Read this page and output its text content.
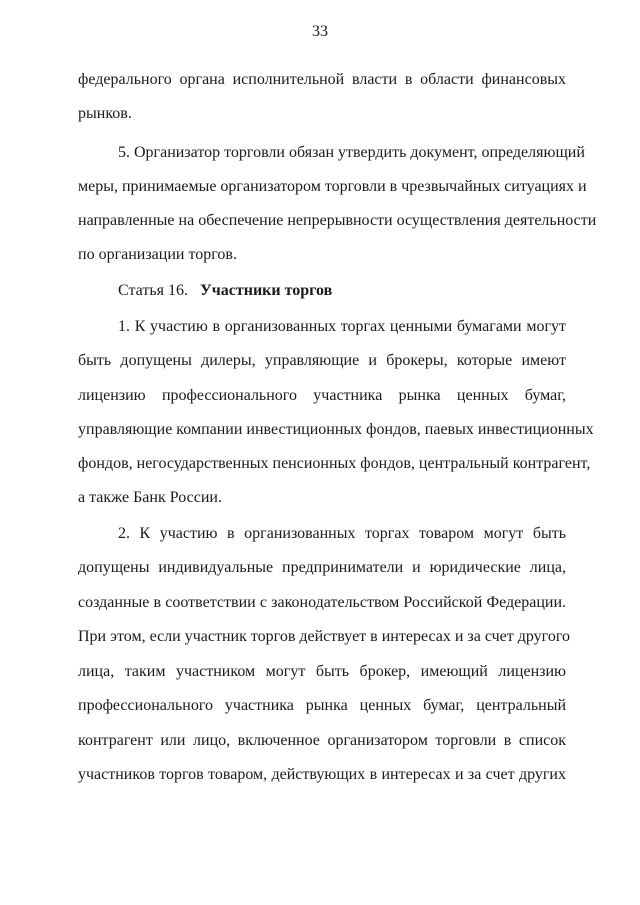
33
федерального органа исполнительной власти в области финансовых
рынков.
5. Организатор торговли обязан утвердить документ, определяющий
меры, принимаемые организатором торговли в чрезвычайных ситуациях и
направленные на обеспечение непрерывности осуществления деятельности
по организации торгов.
Статья 16. Участники торгов
1. К участию в организованных торгах ценными бумагами могут
быть допущены дилеры, управляющие и брокеры, которые имеют
лицензию профессионального участника рынка ценных бумаг,
управляющие компании инвестиционных фондов, паевых инвестиционных
фондов, негосударственных пенсионных фондов, центральный контрагент,
а также Банк России.
2. К участию в организованных торгах товаром могут быть
допущены индивидуальные предприниматели и юридические лица,
созданные в соответствии с законодательством Российской Федерации.
При этом, если участник торгов действует в интересах и за счет другого
лица, таким участником могут быть брокер, имеющий лицензию
профессионального участника рынка ценных бумаг, центральный
контрагент или лицо, включенное организатором торговли в список
участников торгов товаром, действующих в интересах и за счет других
